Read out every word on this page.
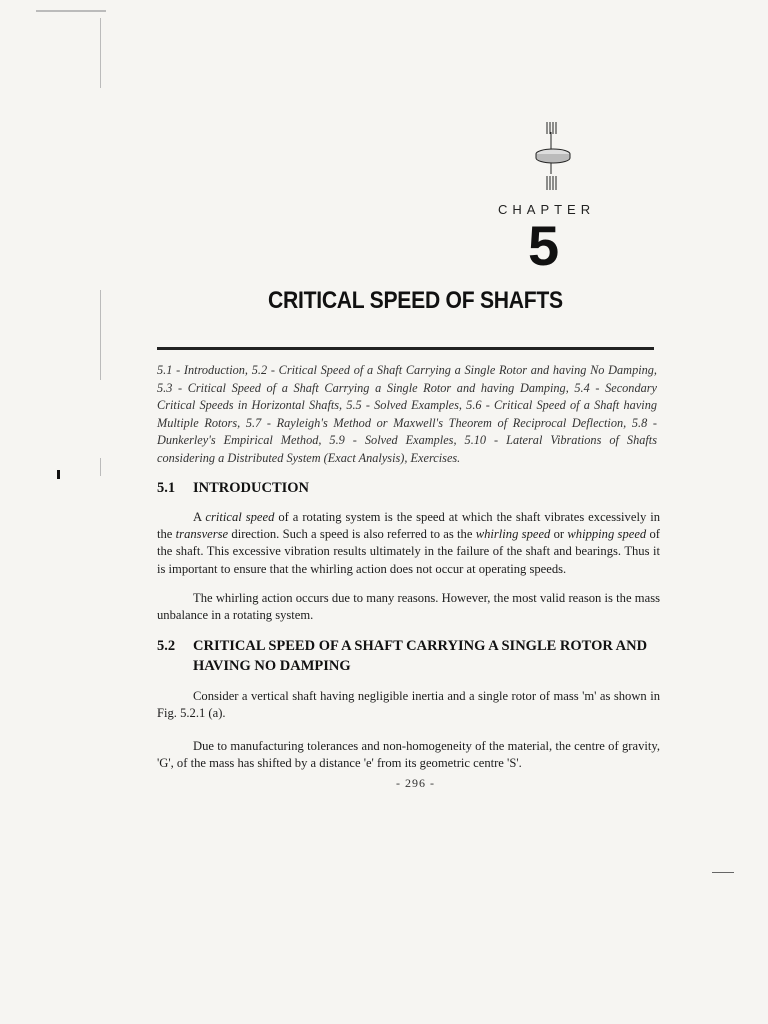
CHAPTER
5
CRITICAL SPEED OF SHAFTS
5.1 - Introduction, 5.2 - Critical Speed of a Shaft Carrying a Single Rotor and having No Damping, 5.3 - Critical Speed of a Shaft Carrying a Single Rotor and having Damping, 5.4 - Secondary Critical Speeds in Horizontal Shafts, 5.5 - Solved Examples, 5.6 - Critical Speed of a Shaft having Multiple Rotors, 5.7 - Rayleigh's Method or Maxwell's Theorem of Reciprocal Deflection, 5.8 - Dunkerley's Empirical Method, 5.9 - Solved Examples, 5.10 - Lateral Vibrations of Shafts considering a Distributed System (Exact Analysis), Exercises.
5.1 INTRODUCTION
A critical speed of a rotating system is the speed at which the shaft vibrates excessively in the transverse direction. Such a speed is also referred to as the whirling speed or whipping speed of the shaft. This excessive vibration results ultimately in the failure of the shaft and bearings. Thus it is important to ensure that the whirling action does not occur at operating speeds.
The whirling action occurs due to many reasons. However, the most valid reason is the mass unbalance in a rotating system.
5.2 CRITICAL SPEED OF A SHAFT CARRYING A SINGLE ROTOR AND HAVING NO DAMPING
Consider a vertical shaft having negligible inertia and a single rotor of mass 'm' as shown in Fig. 5.2.1 (a).
Due to manufacturing tolerances and non-homogeneity of the material, the centre of gravity, 'G', of the mass has shifted by a distance 'e' from its geometric centre 'S'.
- 296 -
